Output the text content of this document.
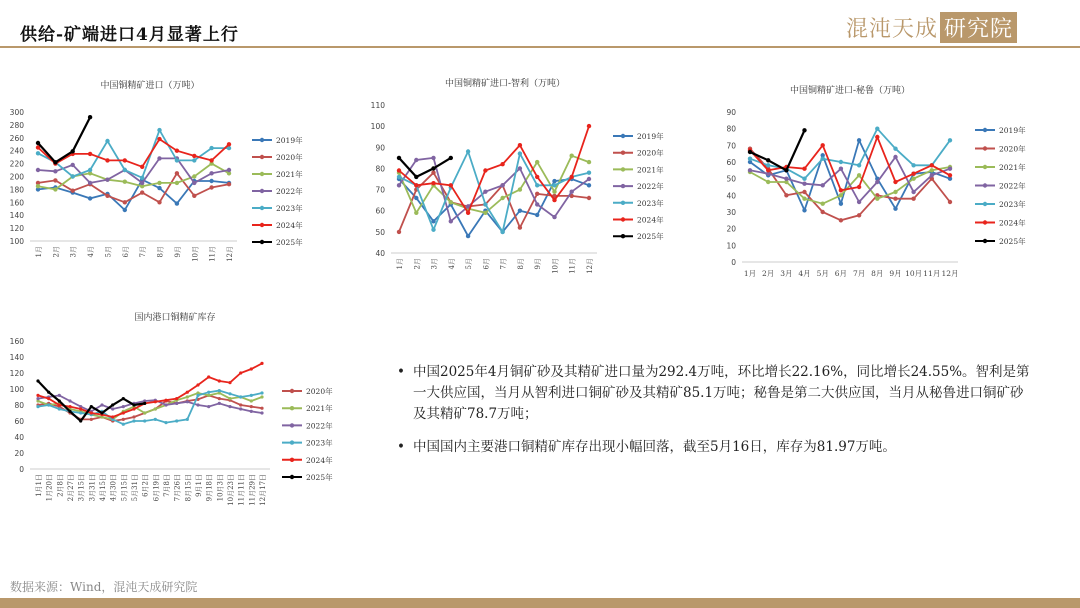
供给-矿端进口4月显著上行	混沌天成 研究院
中国铜精矿进口（万吨）
100
120
140
160
180
200
220
240
260
280
300
1月 2月 3月 4月 5月 6月 7月 8月 9月 10月 11月 12月
2019年
2020年
2021年
2022年
2023年
2024年
2025年
中国铜精矿进口-智利（万吨）
40
50
60
70
80
90
100
110
1月 2月 3月 4月 5月 6月 7月 8月 9月 10月 11月 12月
2019年
2020年
2021年
2022年
2023年
2024年
2025年
中国铜精矿进口-秘鲁（万吨）
0
10
20
30
40
50
60
70
80
90
1月 2月 3月 4月 5月 6月 7月 8月 9月 10月 11月 12月
2019年
2020年
2021年
2022年
2023年
2024年
2025年
国内港口铜精矿库存
0
20
40
60
80
100
120
140
160
1月1日 1月20日 2月8日 2月27日 3月15日 3月31日 4月15日 4月30日 5月15日 5月31日 6月2日 6月19日 7月8日 7月26日 8月15日 9月1日 9月18日 10月3日 10月23日 11月11日 11月29日 12月17日
2020年
2021年
2022年
2023年
2024年
2025年
• 中国2025年4月铜矿砂及其精矿进口量为292.4万吨，环比增长22.16%，同比增长24.55%。智利是第一大供应国，当月从智利进口铜矿砂及其精矿85.1万吨；秘鲁是第二大供应国，当月从秘鲁进口铜矿砂及其精矿78.7万吨；
• 中国国内主要港口铜精矿库存出现小幅回落，截至5月16日，库存为81.97万吨。
数据来源：Wind，混沌天成研究院
